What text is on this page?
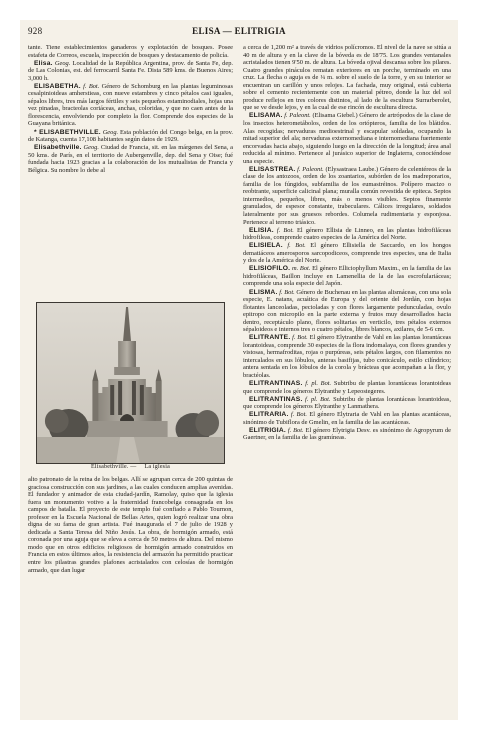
928	ELISA — ELITRIGIA

tante. Tiene establecimientos ganaderos y explotación de bosques. Posee estafeta de Correos, escuela, inspección de bosques y destacamento de policía.

Elisa. Geog. Localidad de la República Argentina, prov. de Santa Fe, dep. de Las Colonias, est. del ferrocarril Santa Fe. Dista 589 kms. de Buenos Aires; 3,000 h.

ELISABETHA. f. Bot. Género de Schomburg en las plantas leguminosas cesalpinioideas amherstieas, con nueve estambres y cinco pétalos casi iguales, sépalos libres, tres más largos fértiles y seis pequeños estaminodiales, hojas una vez pinadas, bracteolas coriáceas, anchas, coloridas, y que no caen antes de la florescencia, envolviendo por completo la flor. Comprende dos especies de la Guayana británica.

* ELISABETHVILLE. Geog. Esta población del Congo belga, en la prov. de Katanga, cuenta 17,108 habitantes según datos de 1929.

Elisabethville. Geog. Ciudad de Francia, sit. en las márgenes del Sena, a 50 kms. de París, en el territorio de Aubergenville, dep. del Sena y Oise; fué fundada hacia 1923 gracias a la colaboración de los mutualistas de Francia y Bélgica. Su nombre lo debe al

Elisabethville. — La iglesia

alto patronato de la reina de los belgas. Allí se agrupan cerca de 200 quintas de graciosa construcción con sus jardines, a las cuales conducen amplias avenidas. El fundador y animador de esta ciudad-jardín, Ramolay, quiso que la iglesia fuera un monumento votivo a la fraternidad francobelga consagrada en los campos de batalla. El proyecto de este templo fué confiado a Pablo Tournon, profesor en la Escuela Nacional de Bellas Artes, quien logró realizar una obra digna de su fama de gran artista. Fué inaugurada el 7 de julio de 1928 y dedicada a Santa Teresa del Niño Jesús. La obra, de hormigón armado, está coronada por una aguja que se eleva a cerca de 50 metros de altura. Del mismo modo que en otros edificios religiosos de hormigón armado construidos en Francia en estos últimos años, la resistencia del armazón ha permitido practicar entre los pilastras grandes plafones acristalados con celosías de hormigón armado, que dan lugar

a cerca de 1,200 m² a través de vidrios polícromos. El nivel de la nave se sitúa a 40 m de altura y en la clave de la bóveda es de 18'75. Los grandes ventanales acristalados tienen 9'50 m. de altura. La bóveda ojival descansa sobre los pilares. Cuatro grandes pináculos rematan exteriores en un porche, terminado en una cruz. La flecha o aguja es de ¼ m. sobre el suelo de la torre, y en su interior se encuentran un carillón y unos relojes. La fachada, muy original, está cubierta sobre el cemento recientemente con un material pétreo, donde la luz del sol produce reflejos en tres colores distintos, al lado de la escultura Surrarberolet, que se ve desde lejos, y en la cual de ese rincón de escultura directa.

ELISAMA. f. Paleont. (Elisama Giebel.) Género de artrópodos de la clase de los insectos heterometábolos, orden de los ortópteros, familia de los blátidos. Alas recogidas; nervaduras medioestrinal y escapular soldadas, ocupando la mitad superior del ala; nervaduras externomediana e internomediana fuertemente encorvadas hacia abajo, siguiendo luego en la dirección de la longitud; área anal reducida al mínimo. Pertenece al jurásico superior de Inglaterra, conociéndose una especie.

ELISASTREA. f. Paleont. (Elysastraea Laube.) Género de celentéreos de la clase de los antozoos, orden de los zoantarios, subórden de los madreporarios, familia de los fúngidos, subfamilia de los eumastréinos. Polípero macizo o reobtrante, superficie calicinal plana; muralla común revestida de epiteca. Septos intermedios, pequeños, libres, más o menos visibles. Septos finamente granulados, de espesor constante, trabeculares. Cálices irregulares, soldados lateralmente por sus gruesos rebordes. Columela rudimentaria y esponjosa. Pertenece al terreno triásico.

ELISIA. f. Bot. El género Ellisia de Linneo, en las plantas hidrofiláceas hidrofileas, comprende cuatro especies de la América del Norte.

ELISIELA. f. Bot. El género Ellisiella de Saccardo, en los hongos dematiáceos amerosporos sarcopodiceos, comprende tres especies, una de Italia y dos de la América del Norte.

ELISIOFILO. m. Bot. El género Elliciophyllum Maxim., en la familia de las hidrofiláceas, Baillon incluye en Lamenellia de la de las escrofulariáceas; comprende una sola especie del Japón.

ELISMA. f. Bot. Género de Buchenau en las plantas alismáceas, con una sola especie, E. natans, acuática de Europa y del oriente del Jordán, con hojas flotantes lanceoladas, pecioladas y con flores largamente pedunculadas, ovulo epitropo con micropilo en la parte externa y frutos muy desarrollados hacia dentro, receptáculo plano, flores solitarias en verticilo, tres pétalos externos sépaloideos e internos tres o cuatro pétalos, libres blancos, axilares, de 5-6 cm.

ELITRANTE. f. Bot. El género Elytranthe de Vahl en las plantas lorantáceas lorantoideas, comprende 30 especies de la flora indomalaya, con flores grandes y vistosas, hermafroditas, rojas o purpúreas, seis pétalos largos, con filamentos no intercalados en sus lóbulos, anteras basifijas, tubo conicáculo, estilo cilíndrico; antera sentada en los lóbulos de la corola y brácteas que acompañan a la flor, y bractéolas.

ELITRANTINAS. f. pl. Bot. Subtribu de plantas lorantáceas lorantoideas que comprende los géneros Elytranthe y Lepeostegeres.

ELITRANTINAS. f. pl. Bot. Subtribu de plantas lorantáceas lorantoideas, que comprende los géneros Elytranthe y Lanmathera.

ELITRARIA. f. Bot. El género Elytraria de Vahl en las plantas acantáceas, sinónimo de Tubiflora de Gmelin, en la familia de las acantáceas.

ELITRIGIA. f. Bot. El género Elytrigia Desv. es sinónimo de Agropyrum de Gaertner, en la familia de las gramíneas.
